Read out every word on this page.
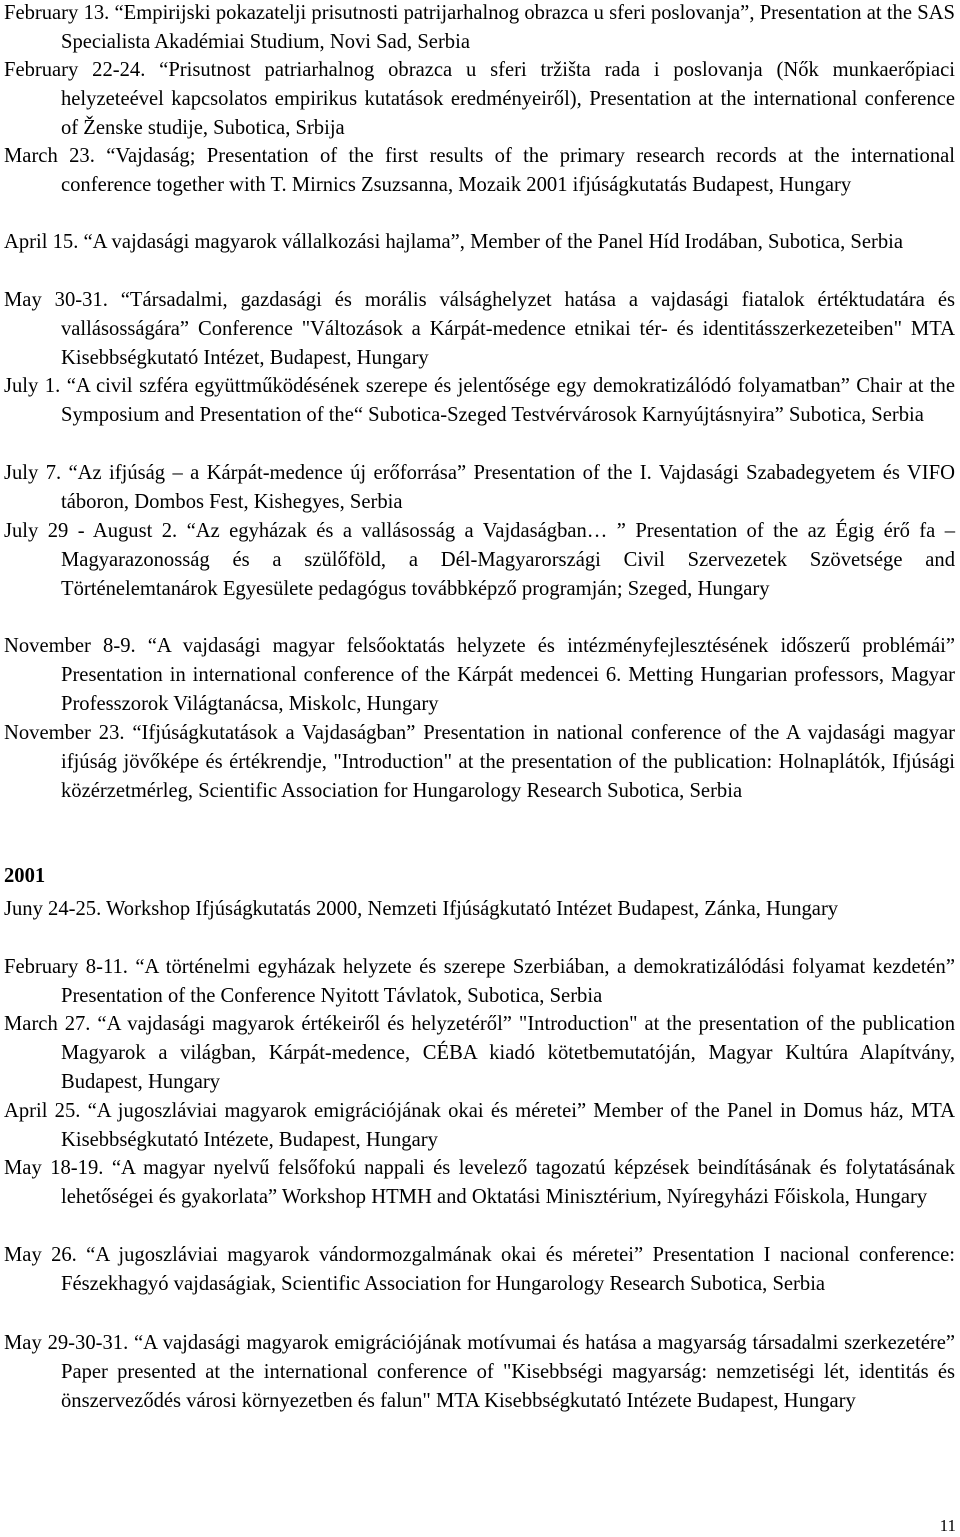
February 13. “Empirijski pokazatelji prisutnosti patrijarhalnog obrazca u sferi poslovanja”, Presentation at the SAS Specialista Akadémiai Studium, Novi Sad, Serbia
February 22-24. “Prisutnost patriarhalnog obrazca u sferi tržišta rada i poslovanja (Nők munkaerőpiaci helyzeteével kapcsolatos empirikus kutatások eredményeiről), Presentation at the international conference of Ženske studije, Subotica, Srbija
March 23. “Vajdaság; Presentation of the first results of the primary research records at the international conference together with T. Mirnics Zsuzsanna, Mozaik 2001 ifjúságkutatás Budapest, Hungary
April 15. “A vajdasági magyarok vállalkozási hajlama”, Member of the Panel Híd Irodában, Subotica, Serbia
May 30-31. “Társadalmi, gazdasági és morális válsághelyzet hatása a vajdasági fiatalok értéktudatára és vallásosságára” Conference "Változások a Kárpát-medence etnikai tér- és identitásszerkezeteiben" MTA Kisebbségkutató Intézet, Budapest, Hungary
July 1. “A civil szféra együttműködésének szerepe és jelentősége egy demokratizálódó folyamatban” Chair at the Symposium and Presentation of the“ Subotica-Szeged Testvérvárosok Karnyújtásnyira” Subotica, Serbia
July 7. “Az ifjúság – a Kárpát-medence új erőforrása” Presentation of the I. Vajdasági Szabadegyetem és VIFO táboron, Dombos Fest, Kishegyes, Serbia
July 29 - August 2. “Az egyházak és a vallásosság a Vajdaságban… ” Presentation of the az Égig érő fa – Magyarazonosság és a szülőföld, a Dél-Magyarországi Civil Szervezetek Szövetsége and Történelemtanárok Egyesülete pedagógus továbbképző programján; Szeged, Hungary
November 8-9. “A vajdasági magyar felsőoktatás helyzete és intézményfejlesztésének időszerű problémái” Presentation in international conference of the Kárpát medencei 6. Metting Hungarian professors, Magyar Professzorok Világtanácsa, Miskolc, Hungary
November 23. “Ifjúságkutatások a Vajdaságban” Presentation in national conference of the A vajdasági magyar ifjúság jövőképe és értékrendje, "Introduction" at the presentation of the publication: Holnaplátók, Ifjúsági közérzetmérleg, Scientific Association for Hungarology Research Subotica, Serbia
2001
Juny 24-25. Workshop Ifjúságkutatás 2000, Nemzeti Ifjúságkutató Intézet Budapest, Zánka, Hungary
February 8-11. “A történelmi egyházak helyzete és szerepe Szerbiában, a demokratizálódási folyamat kezdetén” Presentation of the Conference Nyitott Távlatok, Subotica, Serbia
March 27. “A vajdasági magyarok értékeiről és helyzetéről” "Introduction" at the presentation of the publication Magyarok a világban, Kárpát-medence, CÉBA kiadó kötetbemutatóján, Magyar Kultúra Alapítvány, Budapest, Hungary
April 25. “A jugoszláviai magyarok emigrációjának okai és méretei” Member of the Panel in Domus ház, MTA Kisebbségkutató Intézete, Budapest, Hungary
May 18-19. “A magyar nyelvű felsőfokú nappali és levelező tagozatú képzések beindításának és folytatásának lehetőségei és gyakorlata” Workshop HTMH and Oktatási Minisztérium, Nyíregyházi Főiskola, Hungary
May 26. “A jugoszláviai magyarok vándormozgalmának okai és méretei” Presentation I nacional conference: Fészekhagyó vajdaságiak, Scientific Association for Hungarology Research Subotica, Serbia
May 29-30-31. “A vajdasági magyarok emigrációjának motívumai és hatása a magyarság társadalmi szerkezetére” Paper presented at the international conference of "Kisebbségi magyarság: nemzetiségi lét, identitás és önszerveződés városi környezetben és falun" MTA Kisebbségkutató Intézete Budapest, Hungary
11
